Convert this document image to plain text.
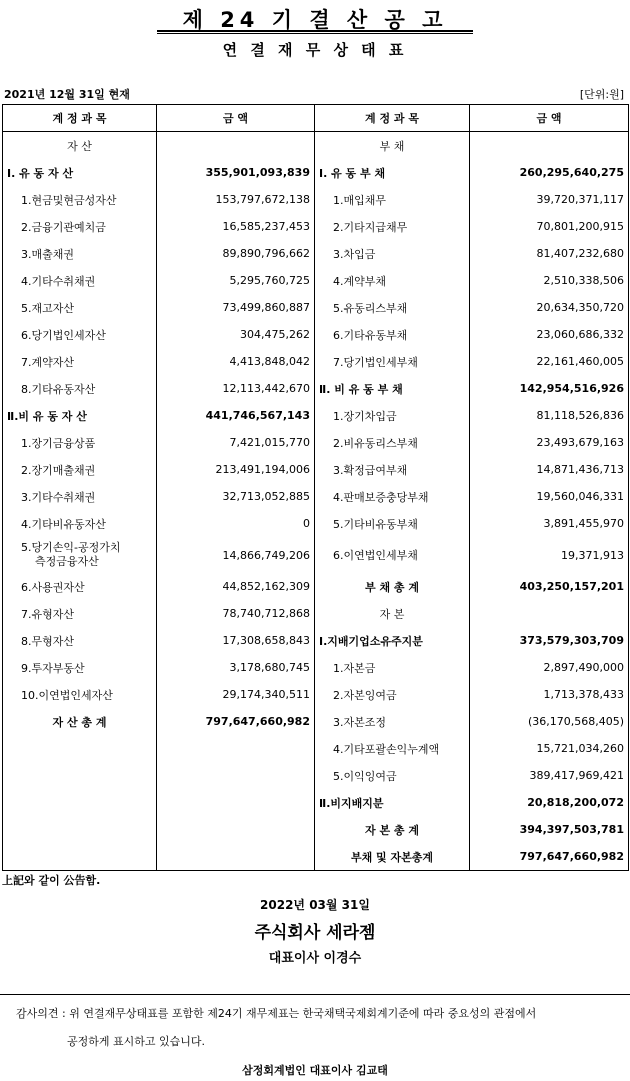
제 24 기 결 산 공 고
연 결 재 무 상 태 표
2021년 12월 31일 현재	[단위:원]
계 정 과 목	금 액	계 정 과 목	금 액
자 산		부 채	
Ⅰ. 유 동 자 산	355,901,093,839	Ⅰ. 유 동 부 채	260,295,640,275
1.현금및현금성자산	153,797,672,138	1.매입채무	39,720,371,117
2.금융기관예치금	16,585,237,453	2.기타지급채무	70,801,200,915
3.매출채권	89,890,796,662	3.차입금	81,407,232,680
4.기타수취채권	5,295,760,725	4.계약부채	2,510,338,506
5.재고자산	73,499,860,887	5.유동리스부채	20,634,350,720
6.당기법인세자산	304,475,262	6.기타유동부채	23,060,686,332
7.계약자산	4,413,848,042	7.당기법인세부채	22,161,460,005
8.기타유동자산	12,113,442,670	Ⅱ. 비 유 동 부 채	142,954,516,926
Ⅱ.비 유 동 자 산	441,746,567,143	1.장기차입금	81,118,526,836
1.장기금융상품	7,421,015,770	2.비유동리스부채	23,493,679,163
2.장기매출채권	213,491,194,006	3.확정급여부채	14,871,436,713
3.기타수취채권	32,713,052,885	4.판매보증충당부채	19,560,046,331
4.기타비유동자산	0	5.기타비유동부채	3,891,455,970

5.당기손익-공정가치
측정금융자산	14,866,749,206	6.이연법인세부채	19,371,913
6.사용권자산	44,852,162,309	부 채 총 계	403,250,157,201
7.유형자산	78,740,712,868	자 본	
8.무형자산	17,308,658,843	Ⅰ.지배기업소유주지분	373,579,303,709
9.투자부동산	3,178,680,745	1.자본금	2,897,490,000
10.이연법인세자산	29,174,340,511	2.자본잉여금	1,713,378,433
자 산 총 계	797,647,660,982	3.자본조정	(36,170,568,405)
		4.기타포괄손익누계액	15,721,034,260
		5.이익잉여금	389,417,969,421
		Ⅱ.비지배지분	20,818,200,072
		자 본 총 계	394,397,503,781
		부채 및 자본총계	797,647,660,982
上記와 같이 公告함.
2022년 03월 31일
주식회사 세라젬
대표이사 이경수
감사의견 : 위 연결재무상태표를 포함한 제24기 재무제표는 한국채택국제회계기준에 따라 중요성의 관점에서
공정하게 표시하고 있습니다.
삼정회계법인 대표이사 김교태
